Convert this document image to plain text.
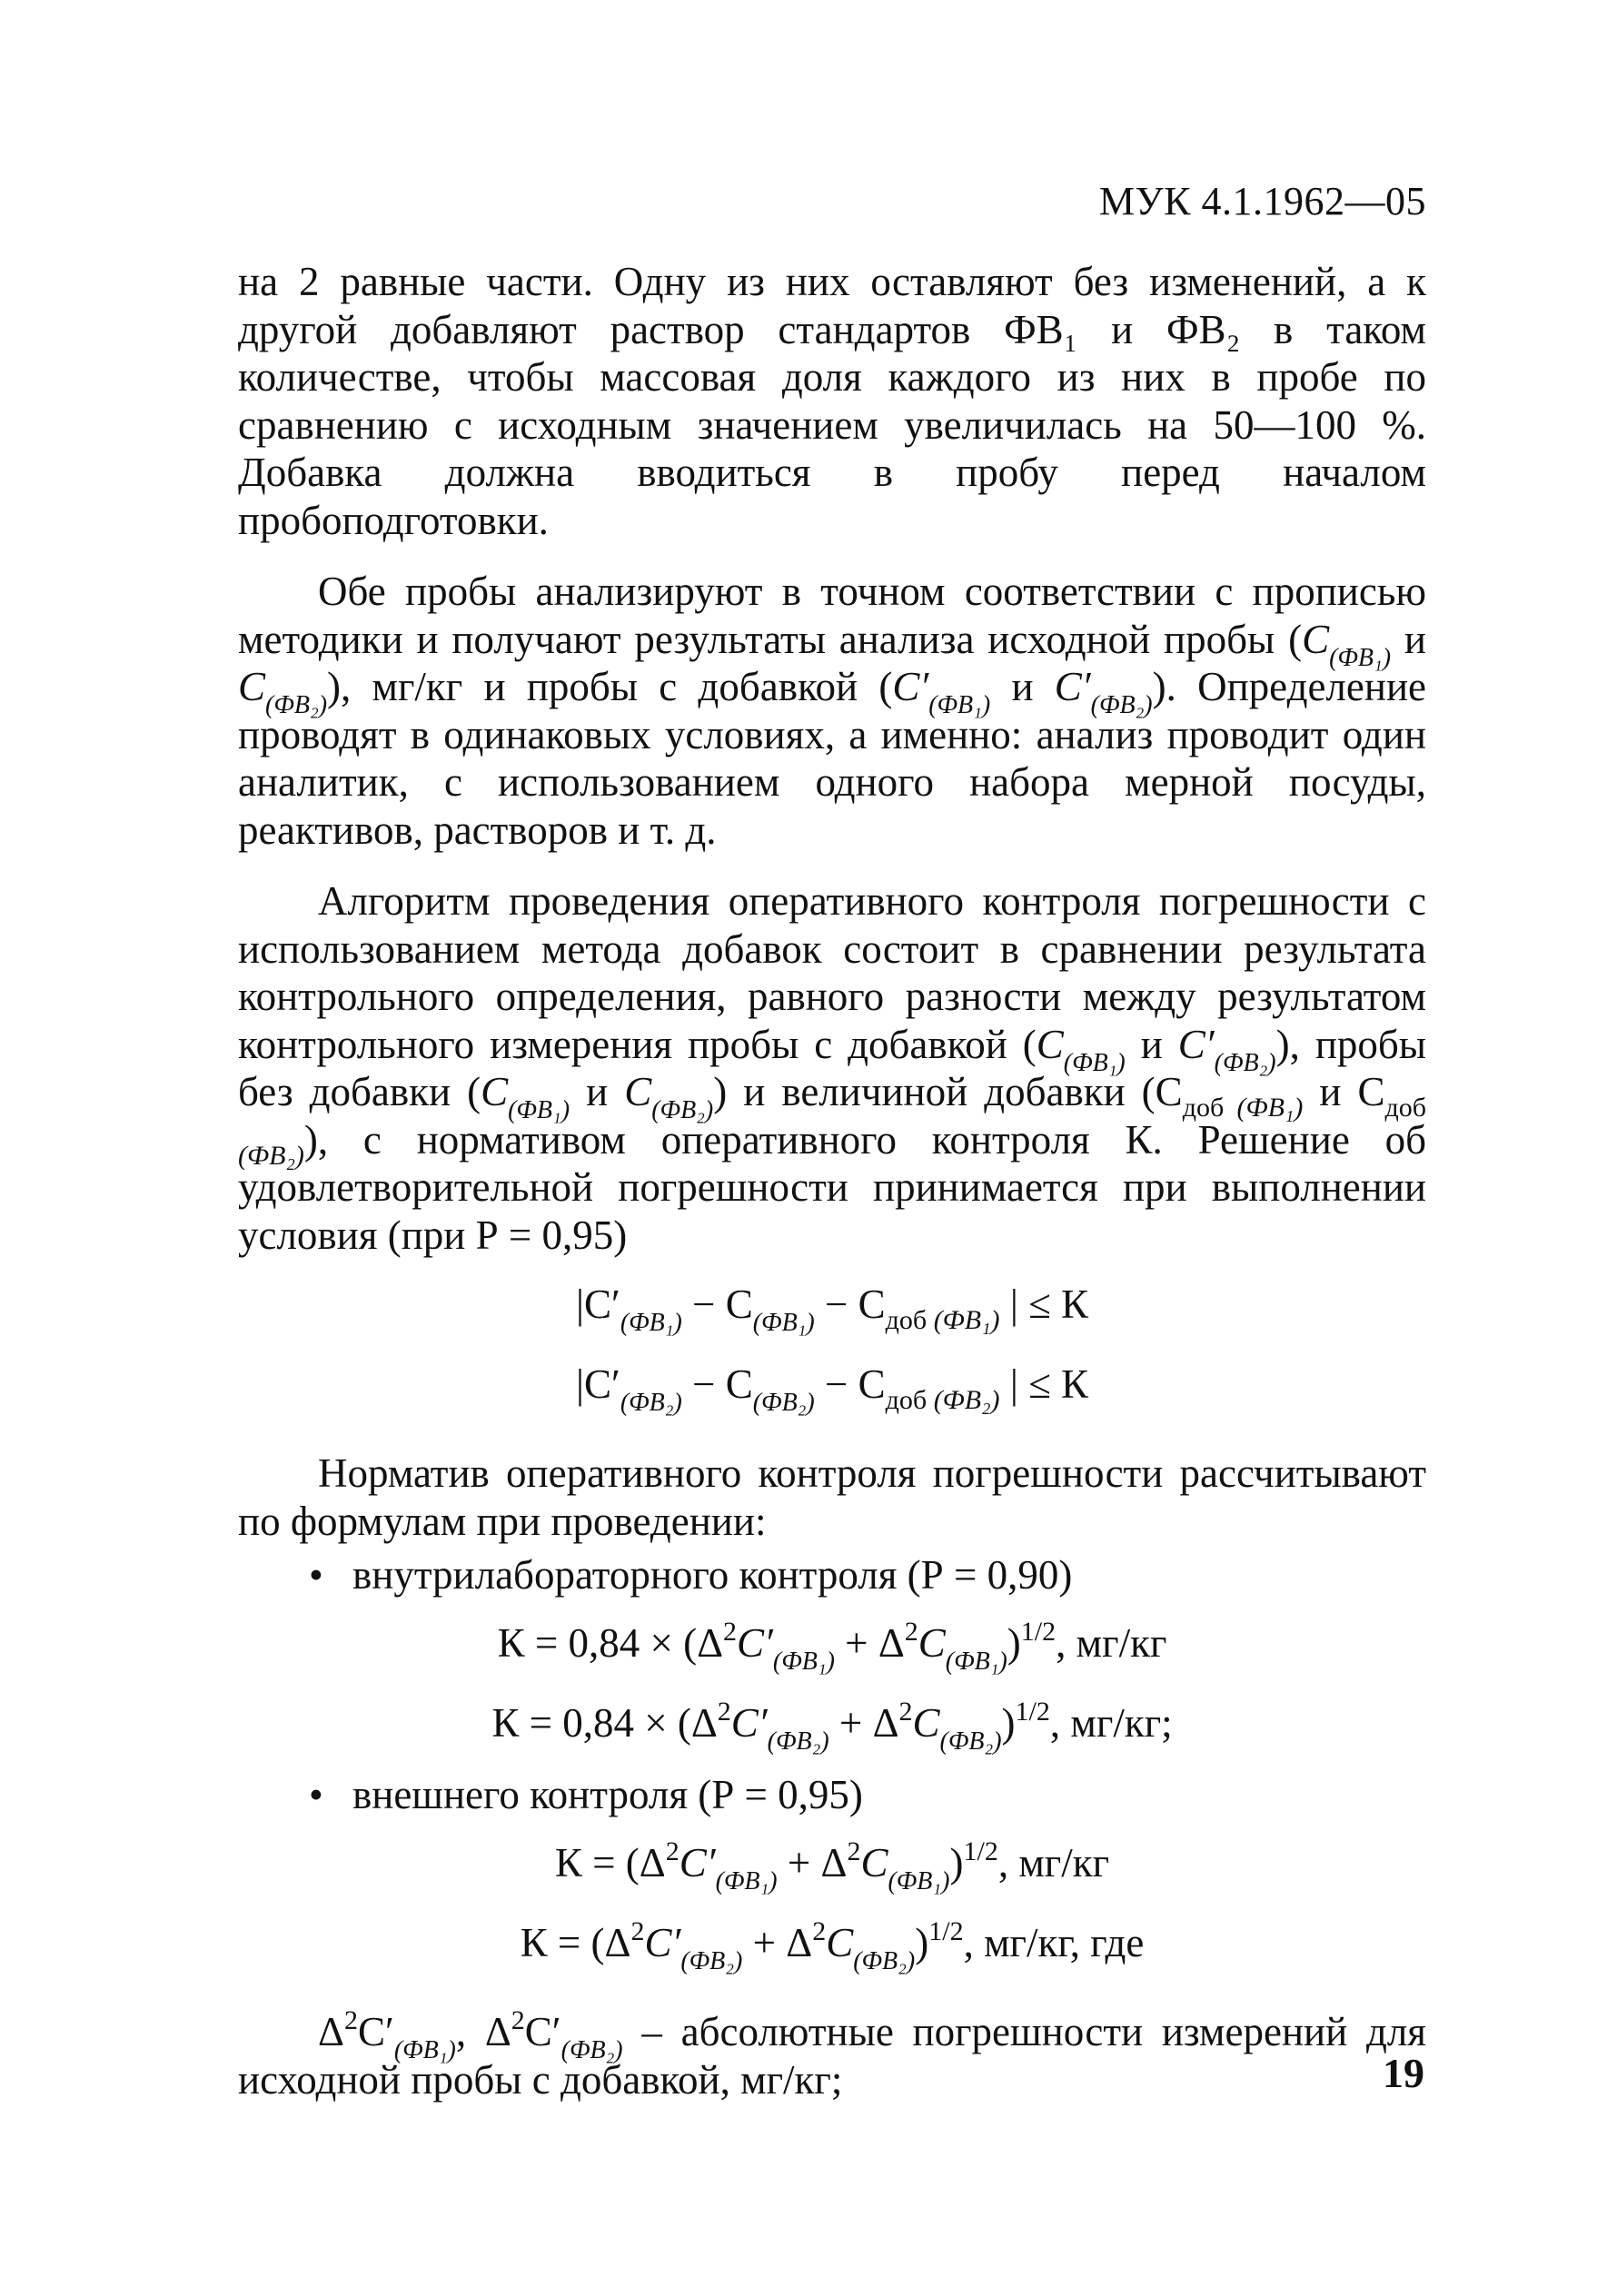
МУК 4.1.1962—05

на 2 равные части. Одну из них оставляют без изменений, а к другой добавляют раствор стандартов ФВ₁ и ФВ₂ в таком количестве, чтобы массовая доля каждого из них в пробе по сравнению с исходным значением увеличилась на 50—100 %. Добавка должна вводиться в пробу перед началом пробоподготовки.

Обе пробы анализируют в точном соответствии с прописью методики и получают результаты анализа исходной пробы ($C_{(ФВ_1)}$ и $C_{(ФВ_2)}$), мг/кг и пробы с добавкой ($C'_{(ФВ_1)}$ и $C'_{(ФВ_2)}$). Определение проводят в одинаковых условиях, а именно: анализ проводит один аналитик, с использованием одного набора мерной посуды, реактивов, растворов и т. д.

Алгоритм проведения оперативного контроля погрешности с использованием метода добавок состоит в сравнении результата контрольного определения, равного разности между результатом контрольного измерения пробы с добавкой ($C_{(ФВ_1)}$ и $C'_{(ФВ_2)}$), пробы без добавки ($C_{(ФВ_1)}$ и $C_{(ФВ_2)}$) и величиной добавки ($С_{доб (ФВ_1)}$ и $С_{доб (ФВ_2)}$), с нормативом оперативного контроля К. Решение об удовлетворительной погрешности принимается при выполнении условия (при Р = 0,95)

$|С'_{(ФВ_1)} - С_{(ФВ_1)} - С_{доб (ФВ_1)}$ | ≤ К
$|С'_{(ФВ_2)} - С_{(ФВ_2)} - С_{доб (ФВ_2)}$ | ≤ К

Норматив оперативного контроля погрешности рассчитывают по формулам при проведении:

• внутрилабораторного контроля (Р = 0,90)
$К = 0,84 \times (\Delta^2C'_{(ФВ_1)} + \Delta^2C_{(ФВ_1)})^{1/2}$, мг/кг
$К = 0,84 \times (\Delta^2C'_{(ФВ_2)} + \Delta^2C_{(ФВ_2)})^{1/2}$, мг/кг;
• внешнего контроля (Р = 0,95)
$К = (\Delta^2C'_{(ФВ_1)} + \Delta^2C_{(ФВ_1)})^{1/2}$, мг/кг
$К = (\Delta^2C'_{(ФВ_2)} + \Delta^2C_{(ФВ_2)})^{1/2}$, мг/кг, где

$\Delta^2С'_{(ФВ_1)}$, $\Delta^2С'_{(ФВ_2)}$ – абсолютные погрешности измерений для исходной пробы с добавкой, мг/кг;	19
